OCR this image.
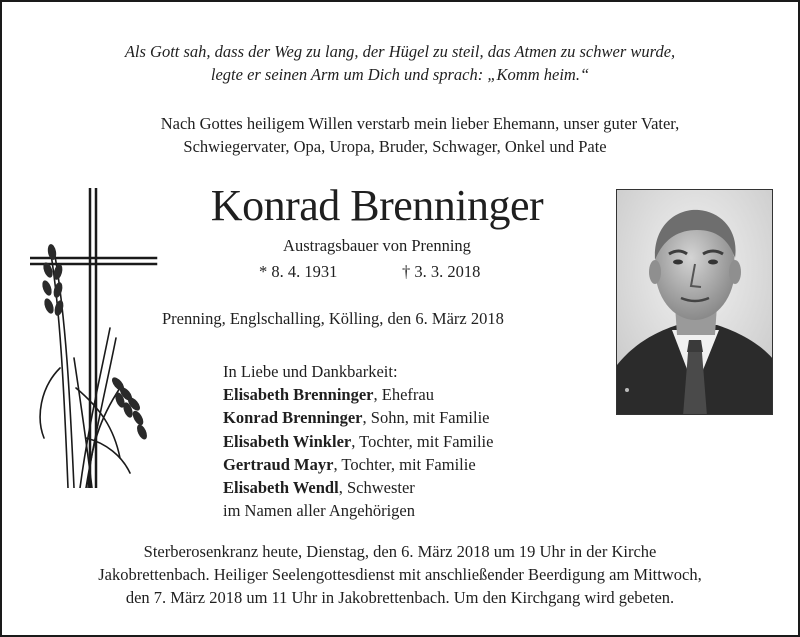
Als Gott sah, dass der Weg zu lang, der Hügel zu steil, das Atmen zu schwer wurde,
legte er seinen Arm um Dich und sprach: „Komm heim.“
Nach Gottes heiligem Willen verstarb mein lieber Ehemann, unser guter Vater,
Schwiegervater, Opa, Uropa, Bruder, Schwager, Onkel und Pate
Konrad Brenninger
Austragsbauer von Prenning
* 8. 4. 1931	† 3. 3. 2018
Prenning, Englschalling, Kölling, den 6. März 2018
In Liebe und Dankbarkeit:
Elisabeth Brenninger, Ehefrau
Konrad Brenninger, Sohn, mit Familie
Elisabeth Winkler, Tochter, mit Familie
Gertraud Mayr, Tochter, mit Familie
Elisabeth Wendl, Schwester
im Namen aller Angehörigen
Sterberosenkranz heute, Dienstag, den 6. März 2018 um 19 Uhr in der Kirche
Jakobrettenbach. Heiliger Seelengottesdienst mit anschließender Beerdigung am Mittwoch,
den 7. März 2018 um 11 Uhr in Jakobrettenbach. Um den Kirchgang wird gebeten.
